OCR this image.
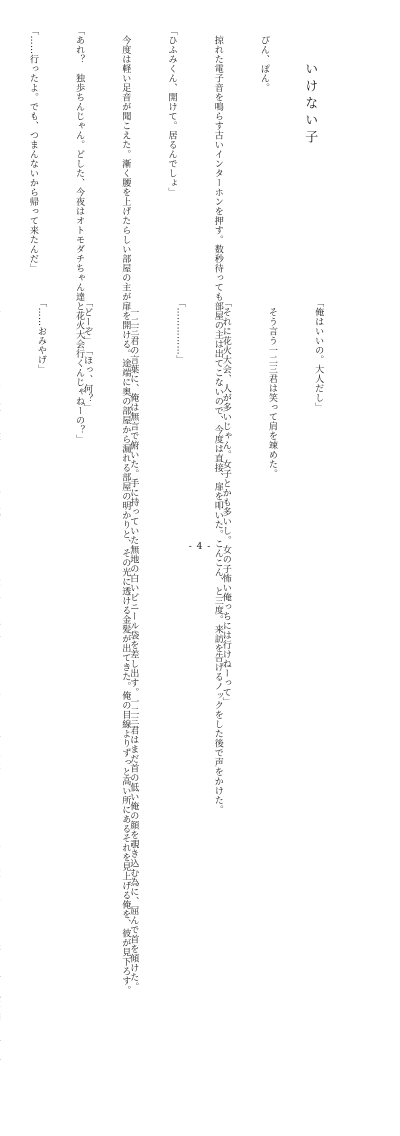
いけない子

　ぴん、ぽん。

　掠れた電子音を鳴らす古いインターホンを押す。数秒待っても部屋の主は出てこないので、今度は直接、扉を叩いた。こんこん、と三度。来訪を告げるノックをした後で声をかけた。

「ひふみくん、開けて。居るんでしょ」

　今度は軽い足音が聞こえた。漸く腰を上げたらしい部屋の主が扉を開ける。途端に奥の部屋から漏れる部屋の明かりと、その光に透ける金髪が出てきた。俺の目線よりずっと高い所にあるそれを見上げる俺を、彼が見下ろす。

「あれ？　独歩ちんじゃん。どした、今夜はオトモダチちゃん達と花火大会行くんじゃねーの？」

「……行ったよ。でも、つまんないから帰って来たんだ」

「俺はいいの。大人だし」

　そう言う一二三君は笑って肩を竦めた。

「それに花火大会、人が多いじゃん。女子とかも多いし。女の子怖い俺っちには行けねーって」

「……………」

　一二三君の言葉に、俺は無言で俯いた。手に持っていた無地の白いビニール袋を差し出す。一二三君はまだ首の低い俺の顔を覗き込む為に、屈んで首を傾けた。

「どーぞ」　「ほっ、何？」

「……おみやげ」

- 4 -
